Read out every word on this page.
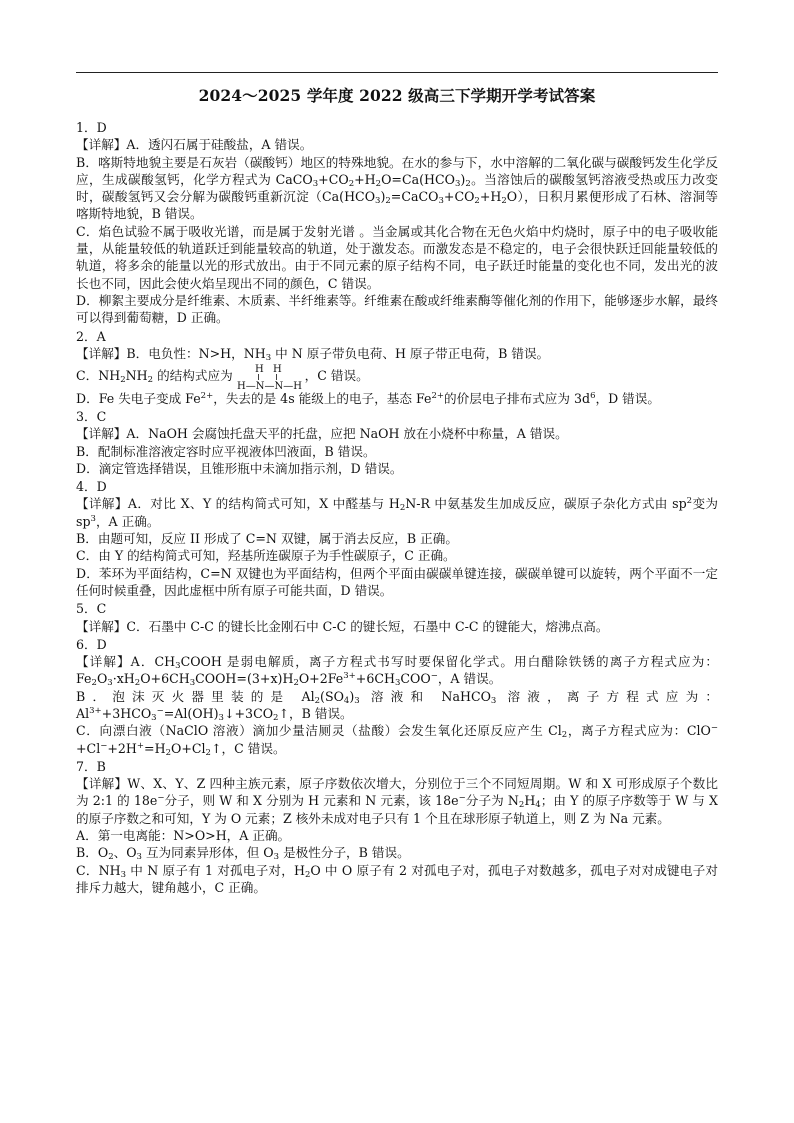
2024～2025 学年度 2022 级高三下学期开学考试答案

1．D

【详解】A．透闪石属于硅酸盐，A 错误。

B．喀斯特地貌主要是石灰岩（碳酸钙）地区的特殊地貌。在水的参与下，水中溶解的二氧化碳与碳酸钙发生化学反应，生成碳酸氢钙，化学方程式为 $CaCO_3+CO_2+H_2O=Ca(HCO_3)_2$。当溶蚀后的碳酸氢钙溶液受热或压力改变时，碳酸氢钙又会分解为碳酸钙重新沉淀$(Ca(HCO_3)_2=CaCO_3+CO_2+H_2O)$，日积月累便形成了石林、溶洞等喀斯特地貌，B 错误。

C．焰色试验不属于吸收光谱，而是属于发射光谱 。当金属或其化合物在无色火焰中灼烧时，原子中的电子吸收能量，从能量较低的轨道跃迁到能量较高的轨道，处于激发态。而激发态是不稳定的，电子会很快跃迁回能量较低的轨道，将多余的能量以光的形式放出。由于不同元素的原子结构不同，电子跃迁时能量的变化也不同，发出光的波长也不同，因此会使火焰呈现出不同的颜色，C 错误。

D．柳絮主要成分是纤维素、木质素、半纤维素等。纤维素在酸或纤维素酶等催化剂的作用下，能够逐步水解，最终可以得到葡萄糖，D 正确。

2．A

【详解】B．电负性：N>H，$NH_3$ 中 N 原子带负电荷、H 原子带正电荷，B 错误。

C．$NH_2NH_2$ 的结构式应为 H H
H—N—N—H
，C 错误。

D．Fe 失电子变成 $Fe^{2+}$，失去的是 4s 能级上的电子，基态 $Fe^{2+}$的价层电子排布式应为 $3d^6$，D 错误。

3．C

【详解】A．NaOH 会腐蚀托盘天平的托盘，应把 NaOH 放在小烧杯中称量，A 错误。

B．配制标准溶液定容时应平视液体凹液面，B 错误。

D．滴定管选择错误，且锥形瓶中未滴加指示剂，D 错误。

4．D

【详解】A．对比 X、Y 的结构简式可知，X 中醛基与 $H_2N-R$ 中氨基发生加成反应，碳原子杂化方式由 $sp^2$变为 $sp^3$，A 正确。

B．由题可知，反应 II 形成了 C=N 双键，属于消去反应，B 正确。

C．由 Y 的结构简式可知，羟基所连碳原子为手性碳原子，C 正确。

D．苯环为平面结构，C=N 双键也为平面结构，但两个平面由碳碳单键连接，碳碳单键可以旋转，两个平面不一定任何时候重叠，因此虚框中所有原子可能共面，D 错误。

5．C

【详解】C．石墨中 C-C 的键长比金刚石中 C-C 的键长短，石墨中 C-C 的键能大，熔沸点高。

6．D

【详解】A．$CH_3COOH$ 是弱电解质，离子方程式书写时要保留化学式。用白醋除铁锈的离子方程式应为：$Fe_2O_3\cdot xH_2O+6CH_3COOH=(3+x)H_2O+2Fe^{3+}+6CH_3COO^-$，A 错误。

B．泡沫灭火器里装的是 $Al_2(SO_4)_3$ 溶液和 NaHCO$_3$ 溶液，离子方程式应为：$Al^{3+}+3HCO_3^-=Al(OH)_3↓+3CO_2↑$，B 错误。

C．向漂白液（NaClO 溶液）滴加少量洁厕灵（盐酸）会发生氧化还原反应产生 $Cl_2$，离子方程式应为：$ClO^-+Cl^-+2H^+=H_2O+Cl_2↑$，C 错误。

7．B

【详解】W、X、Y、Z 四种主族元素，原子序数依次增大，分别位于三个不同短周期。W 和 X 可形成原子个数比为 2:1 的 18e−分子，则 W 和 X 分别为 H 元素和 N 元素，该 18e−分子为 $N_2H_4$；由 Y 的原子序数等于 W 与 X 的原子序数之和可知，Y 为 O 元素；Z 核外未成对电子只有 1 个且在球形原子轨道上，则 Z 为 Na 元素。

A．第一电离能：N>O>H，A 正确。

B．$O_2$、$O_3$ 互为同素异形体，但 $O_3$ 是极性分子，B 错误。

C．$NH_3$ 中 N 原子有 1 对孤电子对，$H_2O$ 中 O 原子有 2 对孤电子对，孤电子对数越多，孤电子对对成键电子对排斥力越大，键角越小，C 正确。
